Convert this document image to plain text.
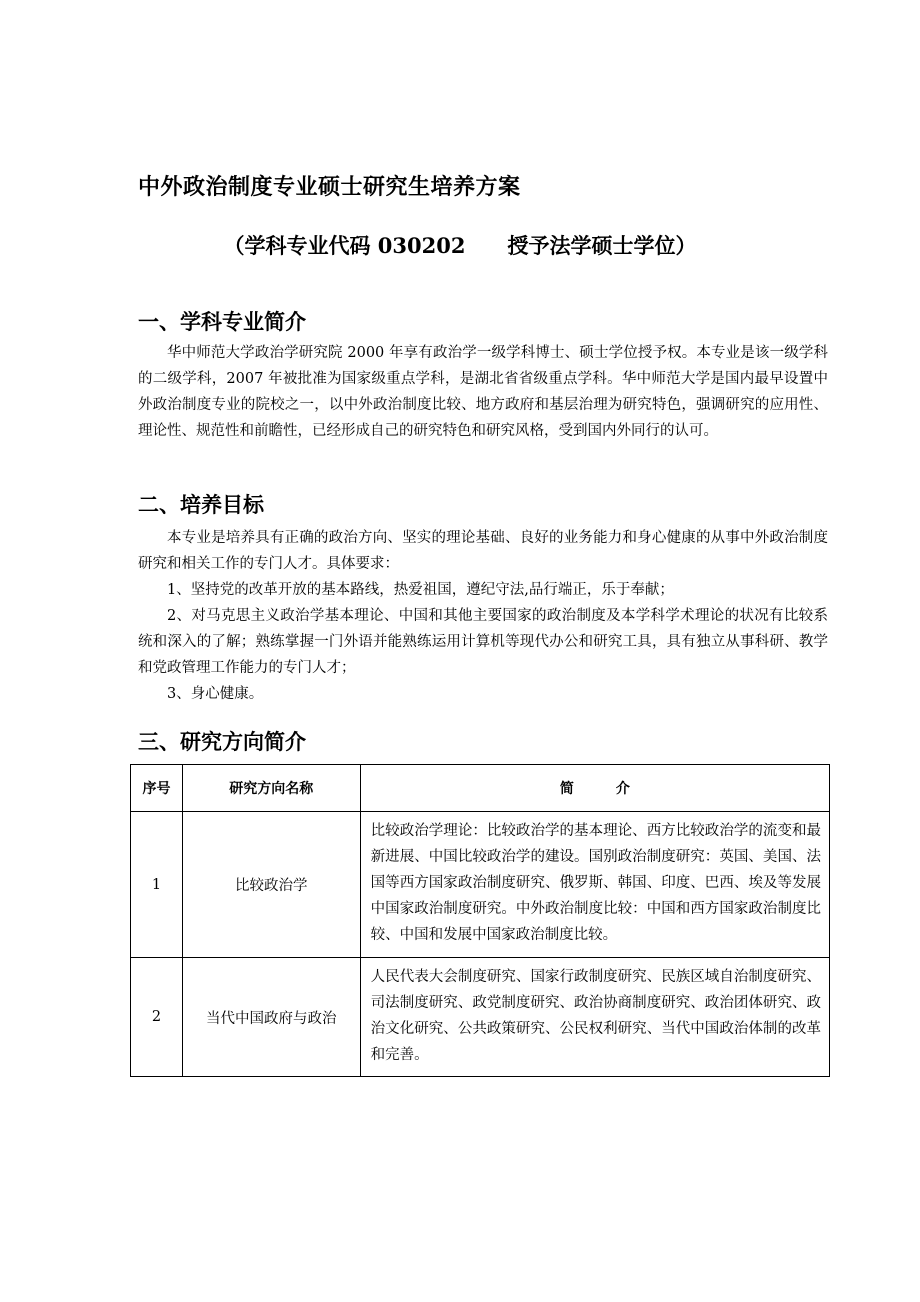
中外政治制度专业硕士研究生培养方案
（学科专业代码 030202　　授予法学硕士学位）
一、学科专业简介
华中师范大学政治学研究院 2000 年享有政治学一级学科博士、硕士学位授予权。本专业是该一级学科的二级学科，2007 年被批准为国家级重点学科，是湖北省省级重点学科。华中师范大学是国内最早设置中外政治制度专业的院校之一，以中外政治制度比较、地方政府和基层治理为研究特色，强调研究的应用性、理论性、规范性和前瞻性，已经形成自己的研究特色和研究风格，受到国内外同行的认可。
二、培养目标
本专业是培养具有正确的政治方向、坚实的理论基础、良好的业务能力和身心健康的从事中外政治制度研究和相关工作的专门人才。具体要求：
1、坚持党的改革开放的基本路线，热爱祖国，遵纪守法,品行端正，乐于奉献；
2、对马克思主义政治学基本理论、中国和其他主要国家的政治制度及本学科学术理论的状况有比较系统和深入的了解；熟练掌握一门外语并能熟练运用计算机等现代办公和研究工具，具有独立从事科研、教学和党政管理工作能力的专门人才；
3、身心健康。
三、研究方向简介
序号	研究方向名称	简　　　介
1	比较政治学	比较政治学理论：比较政治学的基本理论、西方比较政治学的流变和最新进展、中国比较政治学的建设。国别政治制度研究：英国、美国、法国等西方国家政治制度研究、俄罗斯、韩国、印度、巴西、埃及等发展中国家政治制度研究。中外政治制度比较：中国和西方国家政治制度比较、中国和发展中国家政治制度比较。
2	当代中国政府与政治	人民代表大会制度研究、国家行政制度研究、民族区域自治制度研究、司法制度研究、政党制度研究、政治协商制度研究、政治团体研究、政治文化研究、公共政策研究、公民权利研究、当代中国政治体制的改革和完善。
